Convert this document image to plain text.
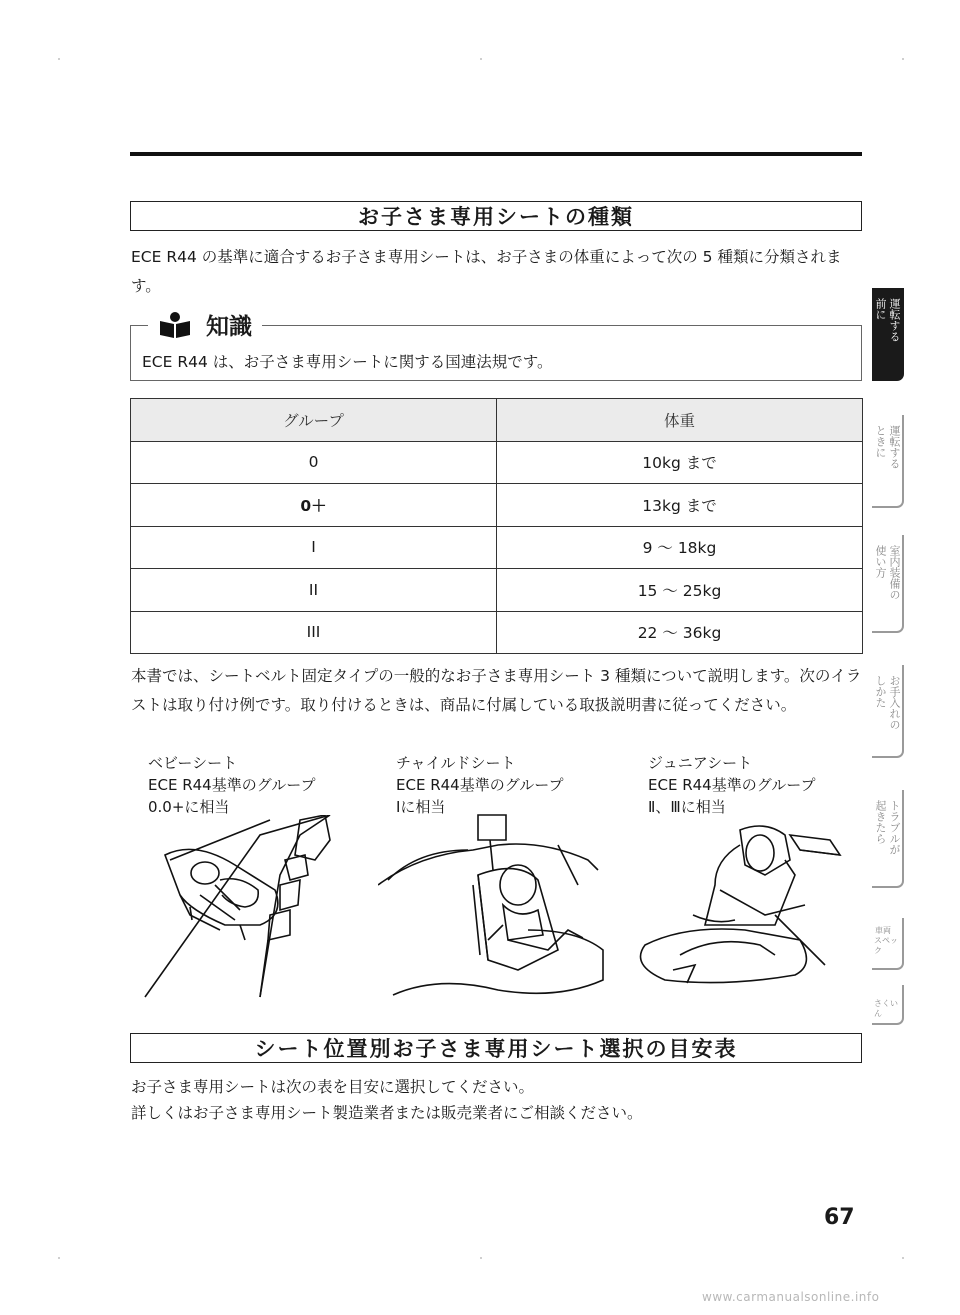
お子さま専用シートの種類
ECE R44 の基準に適合するお子さま専用シートは、お子さまの体重によって次の 5 種類に分類されます。
知識
ECE R44 は、お子さま専用シートに関する国連法規です。
グループ	体重
0	10kg まで
0＋	13kg まで
I	9 〜 18kg
II	15 〜 25kg
III	22 〜 36kg
本書では、シートベルト固定タイプの一般的なお子さま専用シート 3 種類について説明します。次のイラストは取り付け例です。取り付けるときは、商品に付属している取扱説明書に従ってください。
ベビーシート
ECE R44基準のグループ
0.0+に相当
チャイルドシート
ECE R44基準のグループ
Ⅰに相当
ジュニアシート
ECE R44基準のグループ
Ⅱ、Ⅲに相当
シート位置別お子さま専用シート選択の目安表
お子さま専用シートは次の表を目安に選択してください。
詳しくはお子さま専用シート製造業者または販売業者にご相談ください。
運転する
前に
運転する
ときに
室内装備の
使い方
お手入れの
しかた
トラブルが
起きたら
車両
スペック
さくいん
67
www.carmanualsonline.info
